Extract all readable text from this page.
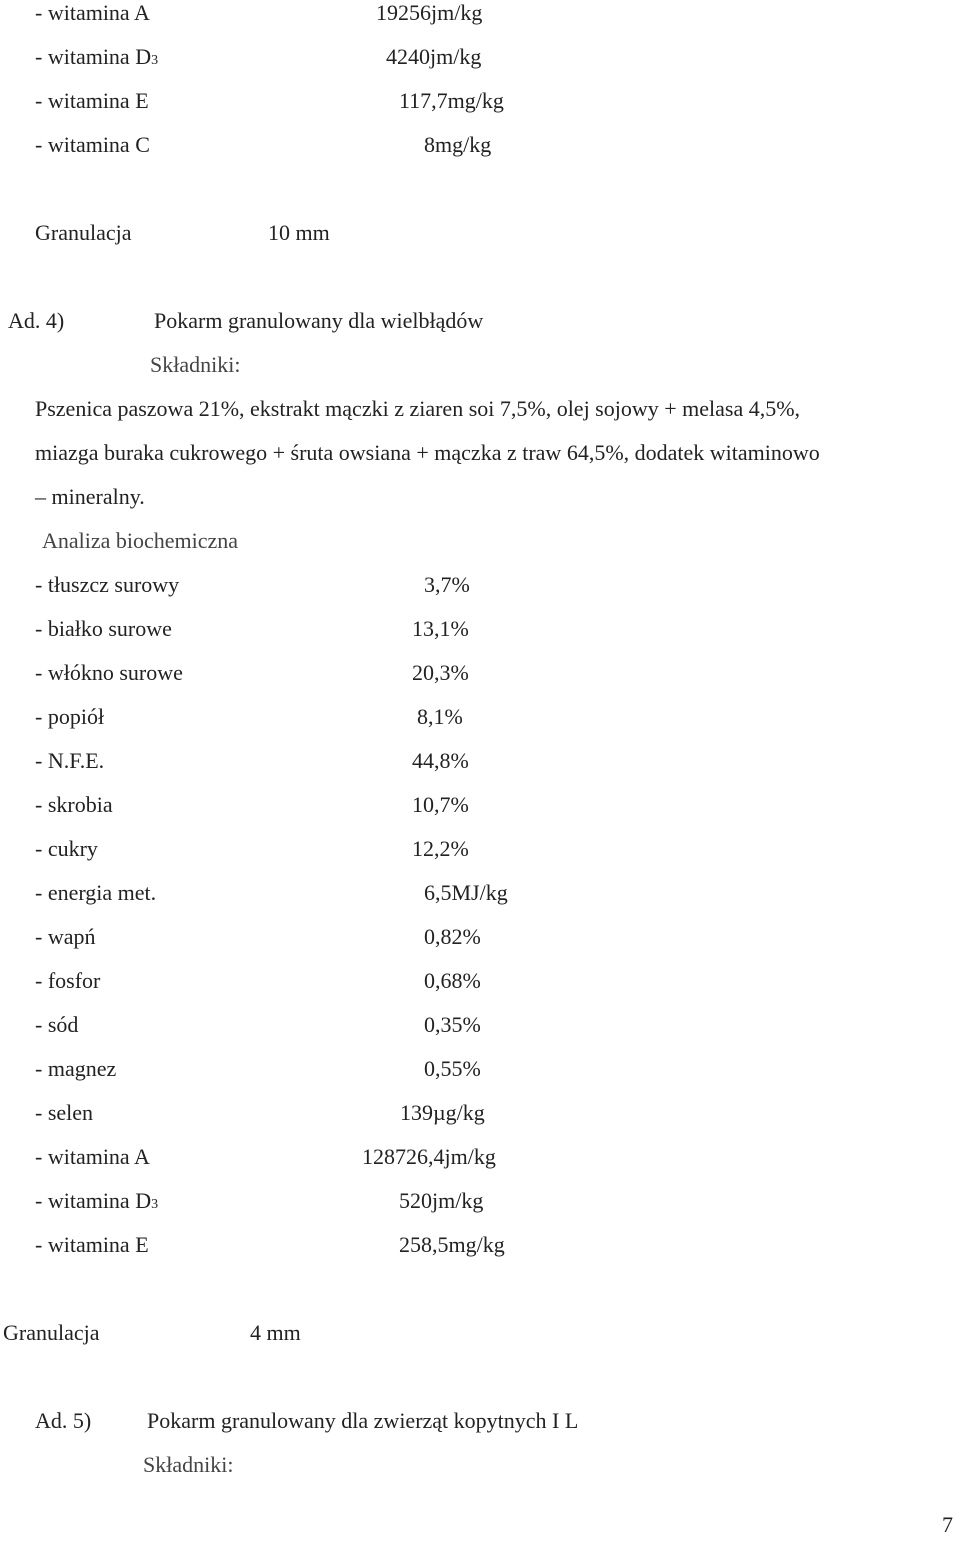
- witamina A	19256jm/kg
- witamina D3	4240jm/kg
- witamina E	117,7mg/kg
- witamina C	8mg/kg
Granulacja	10 mm
Ad. 4)	Pokarm granulowany dla wielbłądów
Składniki:
Pszenica paszowa 21%, ekstrakt mączki z ziaren soi 7,5%, olej sojowy + melasa 4,5%,
miazga buraka cukrowego + śruta owsiana + mączka z traw 64,5%, dodatek witaminowo
– mineralny.
Analiza biochemiczna
- tłuszcz surowy	3,7%
- białko surowe	13,1%
- włókno surowe	20,3%
- popiół	8,1%
- N.F.E.	44,8%
- skrobia	10,7%
- cukry	12,2%
- energia met.	6,5MJ/kg
- wapń	0,82%
- fosfor	0,68%
- sód	0,35%
- magnez	0,55%
- selen	139µg/kg
- witamina A	128726,4jm/kg
- witamina D3	520jm/kg
- witamina E	258,5mg/kg
Granulacja	4 mm
Ad. 5)	Pokarm granulowany dla zwierząt kopytnych I L
Składniki:
7
